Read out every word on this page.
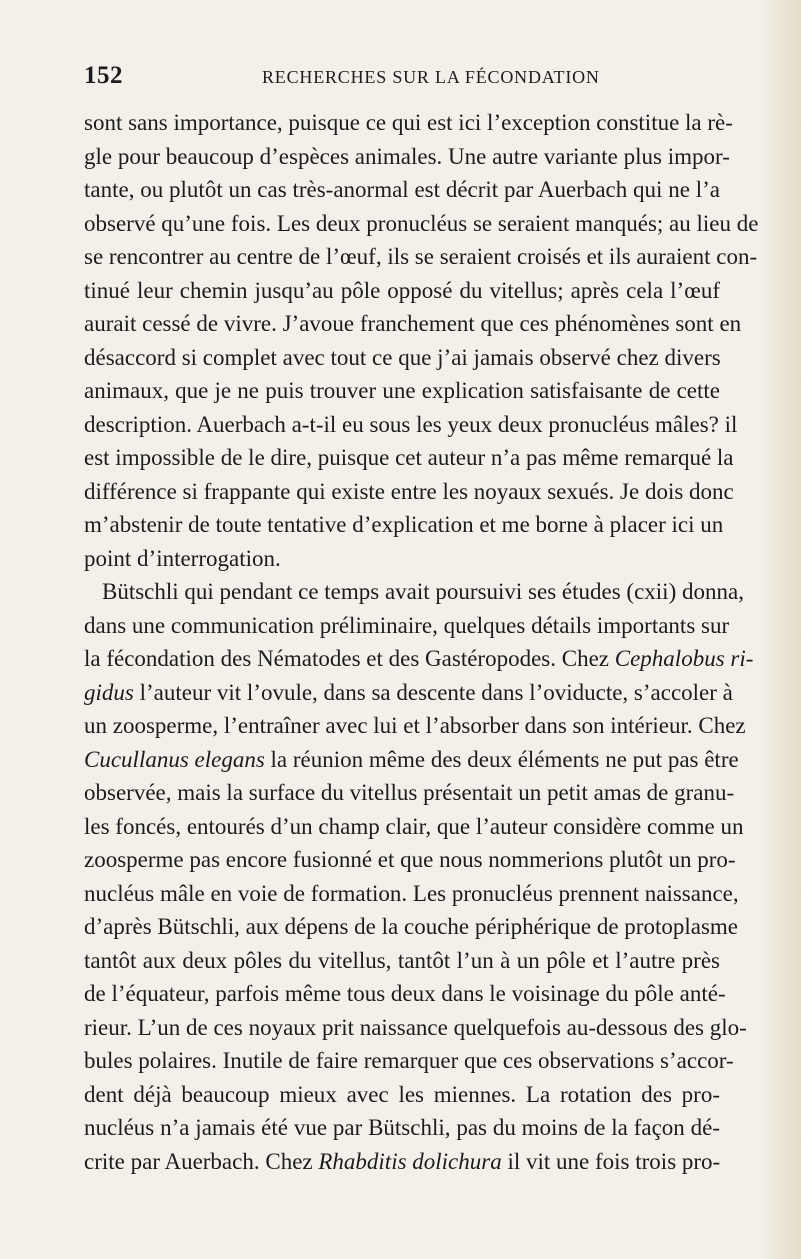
152	RECHERCHES SUR LA FÉCONDATION
sont sans importance, puisque ce qui est ici l’exception constitue la rè-
gle pour beaucoup d’espèces animales. Une autre variante plus impor-
tante, ou plutôt un cas très-anormal est décrit par Auerbach qui ne l’a
observé qu’une fois. Les deux pronucléus se seraient manqués; au lieu de
se rencontrer au centre de l’œuf, ils se seraient croisés et ils auraient con-
tinué leur chemin jusqu’au pôle opposé du vitellus; après cela l’œuf
aurait cessé de vivre. J’avoue franchement que ces phénomènes sont en
désaccord si complet avec tout ce que j’ai jamais observé chez divers
animaux, que je ne puis trouver une explication satisfaisante de cette
description. Auerbach a-t-il eu sous les yeux deux pronucléus mâles? il
est impossible de le dire, puisque cet auteur n’a pas même remarqué la
différence si frappante qui existe entre les noyaux sexués. Je dois donc
m’abstenir de toute tentative d’explication et me borne à placer ici un
point d’interrogation.
Bütschli qui pendant ce temps avait poursuivi ses études (cxii) donna,
dans une communication préliminaire, quelques détails importants sur
la fécondation des Nématodes et des Gastéropodes. Chez Cephalobus ri-
gidus l’auteur vit l’ovule, dans sa descente dans l’oviducte, s’accoler à
un zoosperme, l’entraîner avec lui et l’absorber dans son intérieur. Chez
Cucullanus elegans la réunion même des deux éléments ne put pas être
observée, mais la surface du vitellus présentait un petit amas de granu-
les foncés, entourés d’un champ clair, que l’auteur considère comme un
zoosperme pas encore fusionné et que nous nommerions plutôt un pro-
nucléus mâle en voie de formation. Les pronucléus prennent naissance,
d’après Bütschli, aux dépens de la couche périphérique de protoplasme
tantôt aux deux pôles du vitellus, tantôt l’un à un pôle et l’autre près
de l’équateur, parfois même tous deux dans le voisinage du pôle anté-
rieur. L’un de ces noyaux prit naissance quelquefois au-dessous des glo-
bules polaires. Inutile de faire remarquer que ces observations s’accor-
dent déjà beaucoup mieux avec les miennes. La rotation des pro-
nucléus n’a jamais été vue par Bütschli, pas du moins de la façon dé-
crite par Auerbach. Chez Rhabditis dolichura il vit une fois trois pro-
